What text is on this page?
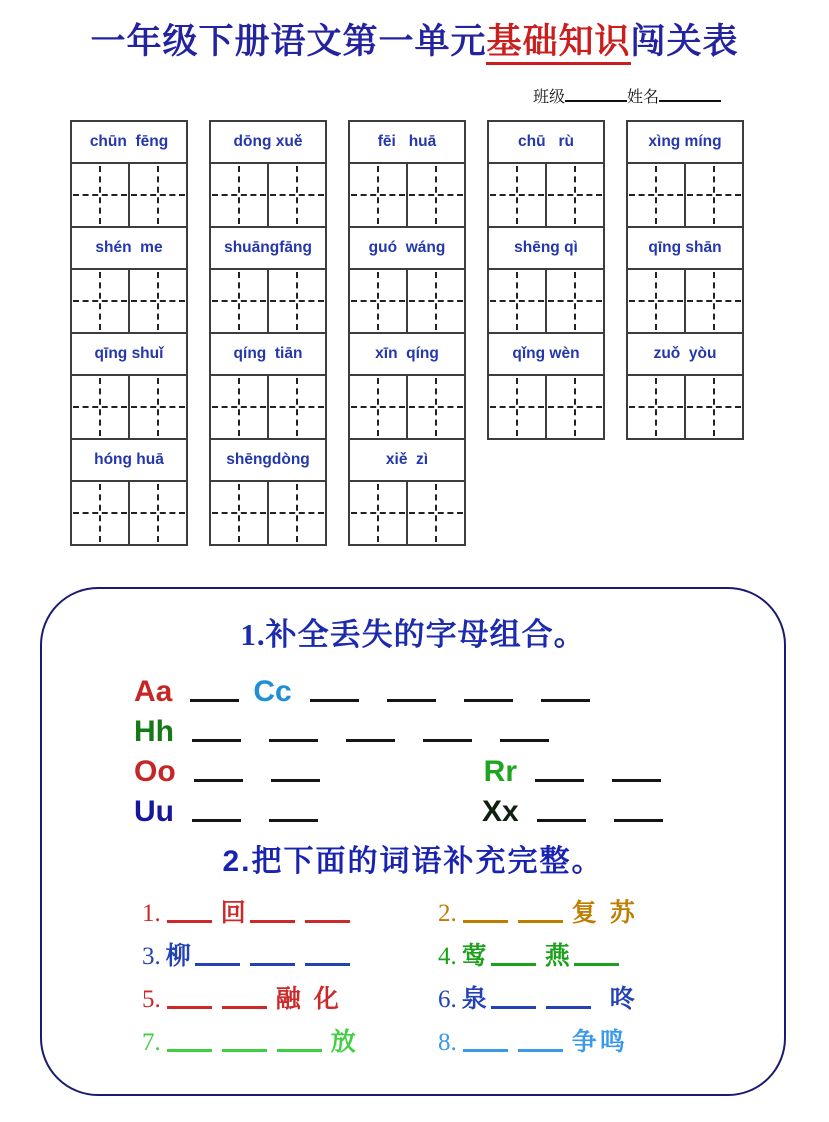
一年级下册语文第一单元基础知识闯关表
班级	姓名
chūn  fēng
shén  me
qīng shuǐ
hóng huā
dōng xuě
shuāngfāng
qíng  tiān
shēngdòng
fēi   huā
guó  wáng
xīn  qíng
xiě  zì
chū   rù
shēng qì
qǐng wèn
xìng míng
qīng shān
zuǒ  yòu
1.补全丢失的字母组合。
Aa	Cc
Hh
Oo	Rr
Uu	Xx
2.把下面的词语补充完整。
1. 回	2.	复 苏
3. 柳	4. 莺 燕
5.	融 化	6. 泉	咚
7.	放	8.	争鸣
